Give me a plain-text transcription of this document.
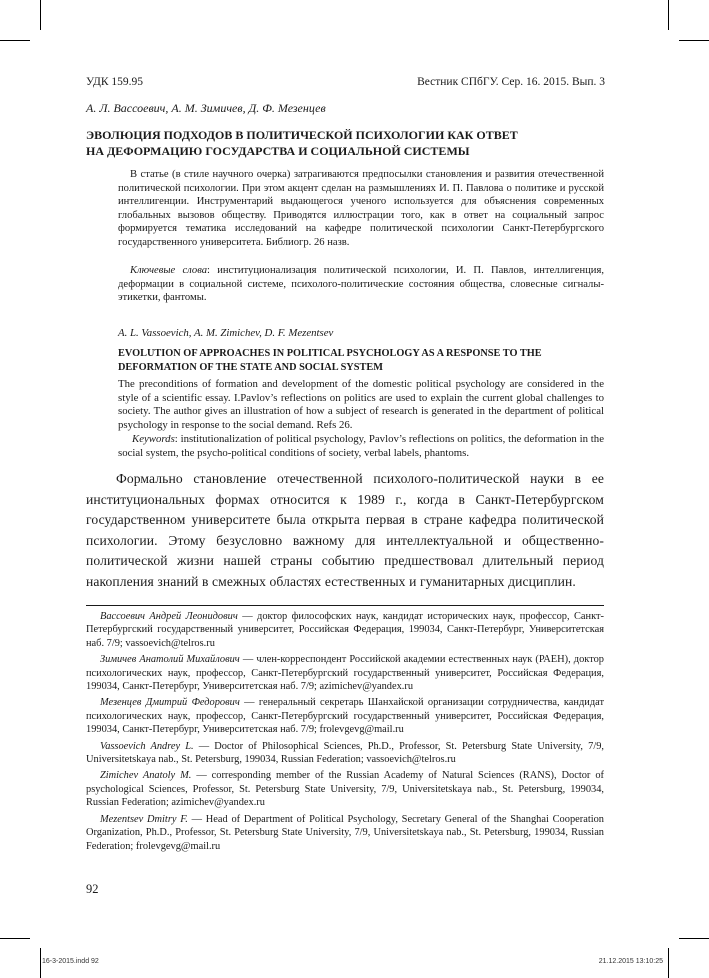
УДК 159.95	Вестник СПбГУ. Сер. 16. 2015. Вып. 3
А. Л. Вассоевич, А. М. Зимичев, Д. Ф. Мезенцев
ЭВОЛЮЦИЯ ПОДХОДОВ В ПОЛИТИЧЕСКОЙ ПСИХОЛОГИИ КАК ОТВЕТ
НА ДЕФОРМАЦИЮ ГОСУДАРСТВА И СОЦИАЛЬНОЙ СИСТЕМЫ

В статье (в стиле научного очерка) затрагиваются предпосылки становления и развития отечественной политической психологии. При этом акцент сделан на размышлениях И. П. Павлова о политике и русской интеллигенции. Инструментарий выдающегося ученого используется для объяснения современных глобальных вызовов обществу. Приводятся иллюстрации того, как в ответ на социальный запрос формируется тематика исследований на кафедре политической психологии Санкт-Петербургского государственного университета. Библиогр. 26 назв.

Ключевые слова: институционализация политической психологии, И. П. Павлов, интеллигенция, деформации в социальной системе, психолого-политические состояния общества, словесные сигналы-этикетки, фантомы.

A. L. Vassoevich, A. M. Zimichev, D. F. Mezentsev
EVOLUTION OF APPROACHES IN POLITICAL PSYCHOLOGY AS A RESPONSE TO THE
DEFORMATION OF THE STATE AND SOCIAL SYSTEM

The preconditions of formation and development of the domestic political psychology are considered in the style of a scientific essay. I.Pavlov’s reflections on politics are used to explain the current global challenges to society. The author gives an illustration of how a subject of research is generated in the department of political psychology in response to the social demand. Refs 26.

Keywords: institutionalization of political psychology, Pavlov’s reflections on politics, the deformation in the social system, the psycho-political conditions of society, verbal labels, phantoms.

Формально становление отечественной психолого-политической науки в ее институциональных формах относится к 1989 г., когда в Санкт-Петербургском государственном университете была открыта первая в стране кафедра политической психологии. Этому безусловно важному для интеллектуальной и общественно-политической жизни нашей страны событию предшествовал длительный период накопления знаний в смежных областях естественных и гуманитарных дисциплин.

Вассоевич Андрей Леонидович — доктор философских наук, кандидат исторических наук, профессор, Санкт-Петербургский государственный университет, Российская Федерация, 199034, Санкт-Петербург, Университетская наб. 7/9; vassoevich@telros.ru

Зимичев Анатолий Михайлович — член-корреспондент Российской академии естественных наук (РАЕН), доктор психологических наук, профессор, Санкт-Петербургский государственный университет, Российская Федерация, 199034, Санкт-Петербург, Университетская наб. 7/9; azimichev@yandex.ru

Мезенцев Дмитрий Федорович — генеральный секретарь Шанхайской организации сотрудничества, кандидат психологических наук, профессор, Санкт-Петербургский государственный университет, Российская Федерация, 199034, Санкт-Петербург, Университетская наб. 7/9; frolevgevg@mail.ru

Vassoevich Andrey L. — Doctor of Philosophical Sciences, Ph.D., Professor, St. Petersburg State University, 7/9, Universitetskaya nab., St. Petersburg, 199034, Russian Federation; vassoevich@telros.ru

Zimichev Anatoly M. — corresponding member of the Russian Academy of Natural Sciences (RANS), Doctor of psychological Sciences, Professor, St. Petersburg State University, 7/9, Universitetskaya nab., St. Petersburg, 199034, Russian Federation; azimichev@yandex.ru

Mezentsev Dmitry F. — Head of Department of Political Psychology, Secretary General of the Shanghai Cooperation Organization, Ph.D., Professor, St. Petersburg State University, 7/9, Universitetskaya nab., St. Petersburg, 199034, Russian Federation; frolevgevg@mail.ru

92
16-3-2015.indd 92	21.12.2015 13:10:25
